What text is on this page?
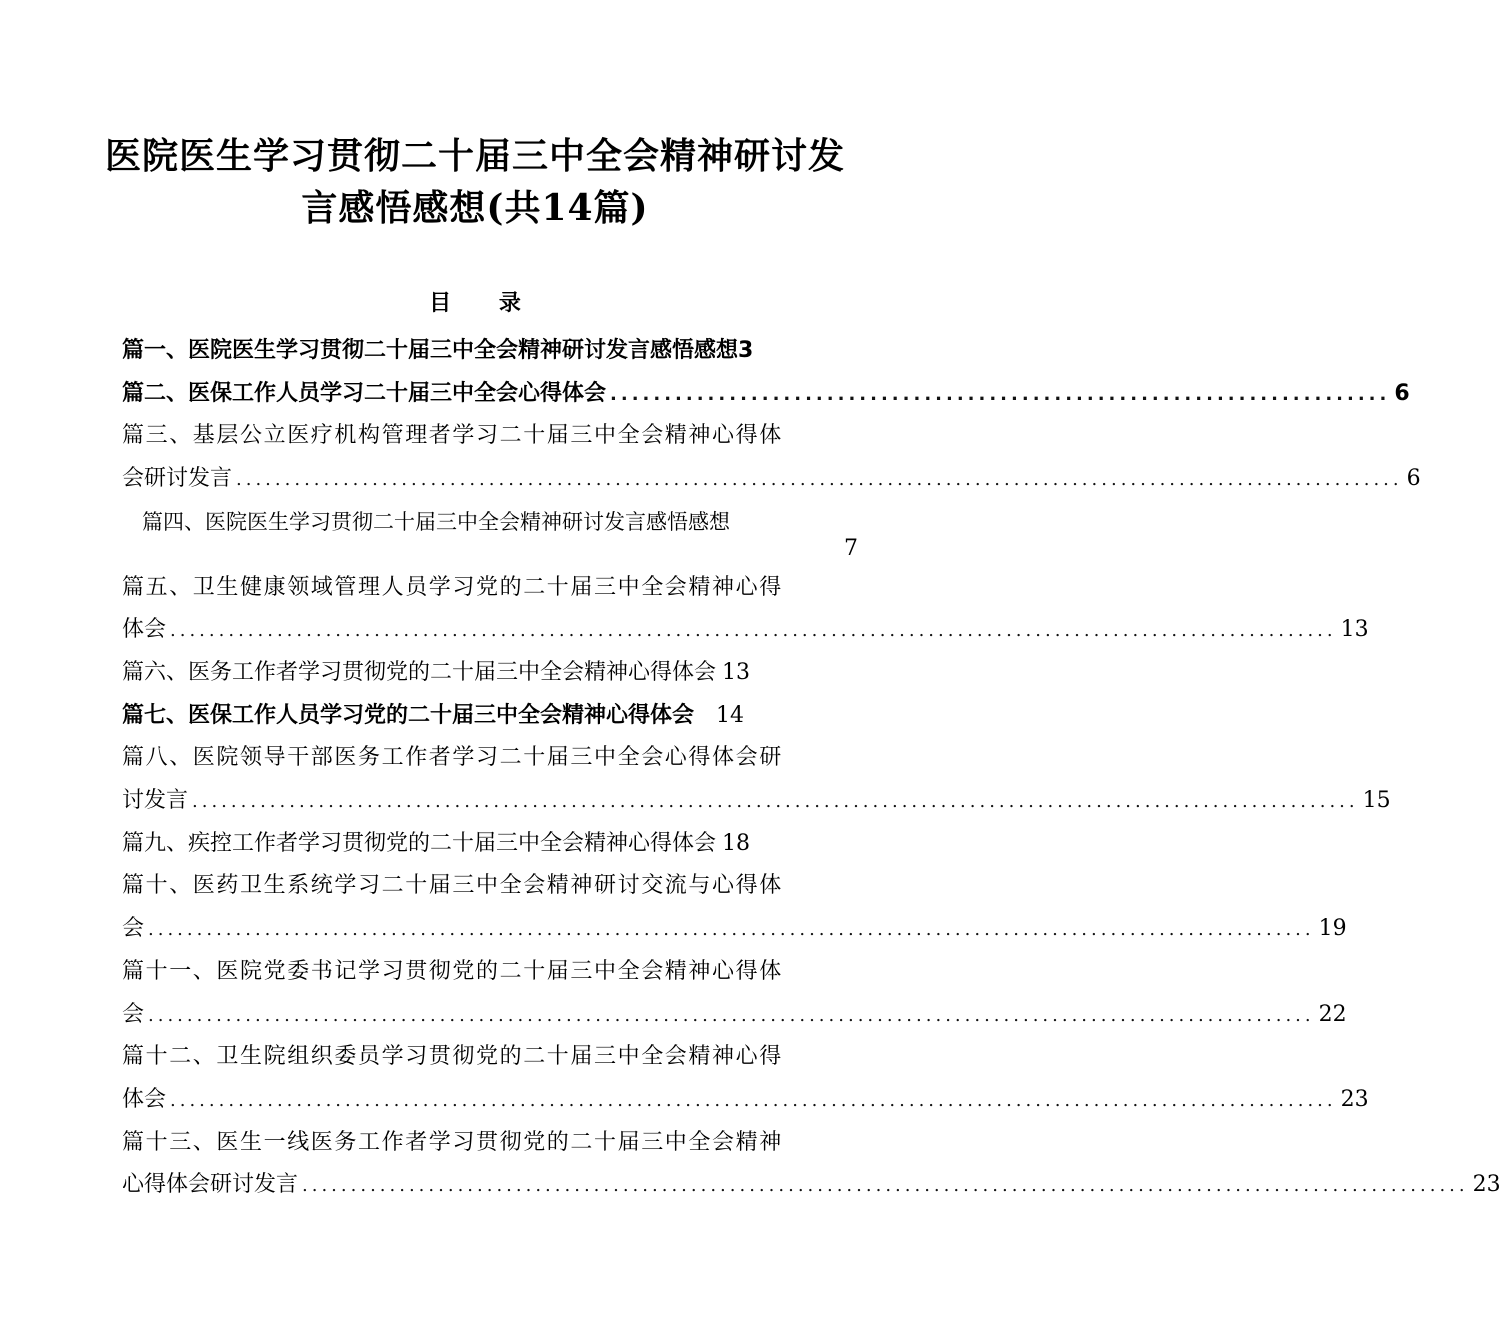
医院医生学习贯彻二十届三中全会精神研讨发
言感悟感想(共14篇)
目 录
篇一、医院医生学习贯彻二十届三中全会精神研讨发言感悟感想 3
篇二、医保工作人员学习二十届三中全会心得体会 ........................................................................ 6
篇三、基层公立医疗机构管理者学习二十届三中全会精神心得体
会研讨发言 ........................................................................................................................ 6
篇四、医院医生学习贯彻二十届三中全会精神研讨发言感悟感想
7
篇五、卫生健康领域管理人员学习党的二十届三中全会精神心得
体会 ........................................................................................................................ 13
篇六、医务工作者学习贯彻党的二十届三中全会精神心得体会 13
篇七、医保工作人员学习党的二十届三中全会精神心得体会 14
篇八、医院领导干部医务工作者学习二十届三中全会心得体会研
讨发言 ........................................................................................................................ 15
篇九、疾控工作者学习贯彻党的二十届三中全会精神心得体会 18
篇十、医药卫生系统学习二十届三中全会精神研讨交流与心得体
会 ........................................................................................................................ 19
篇十一、医院党委书记学习贯彻党的二十届三中全会精神心得体
会 ........................................................................................................................ 22
篇十二、卫生院组织委员学习贯彻党的二十届三中全会精神心得
体会 ........................................................................................................................ 23
篇十三、医生一线医务工作者学习贯彻党的二十届三中全会精神
心得体会研讨发言 ........................................................................................................................ 23
